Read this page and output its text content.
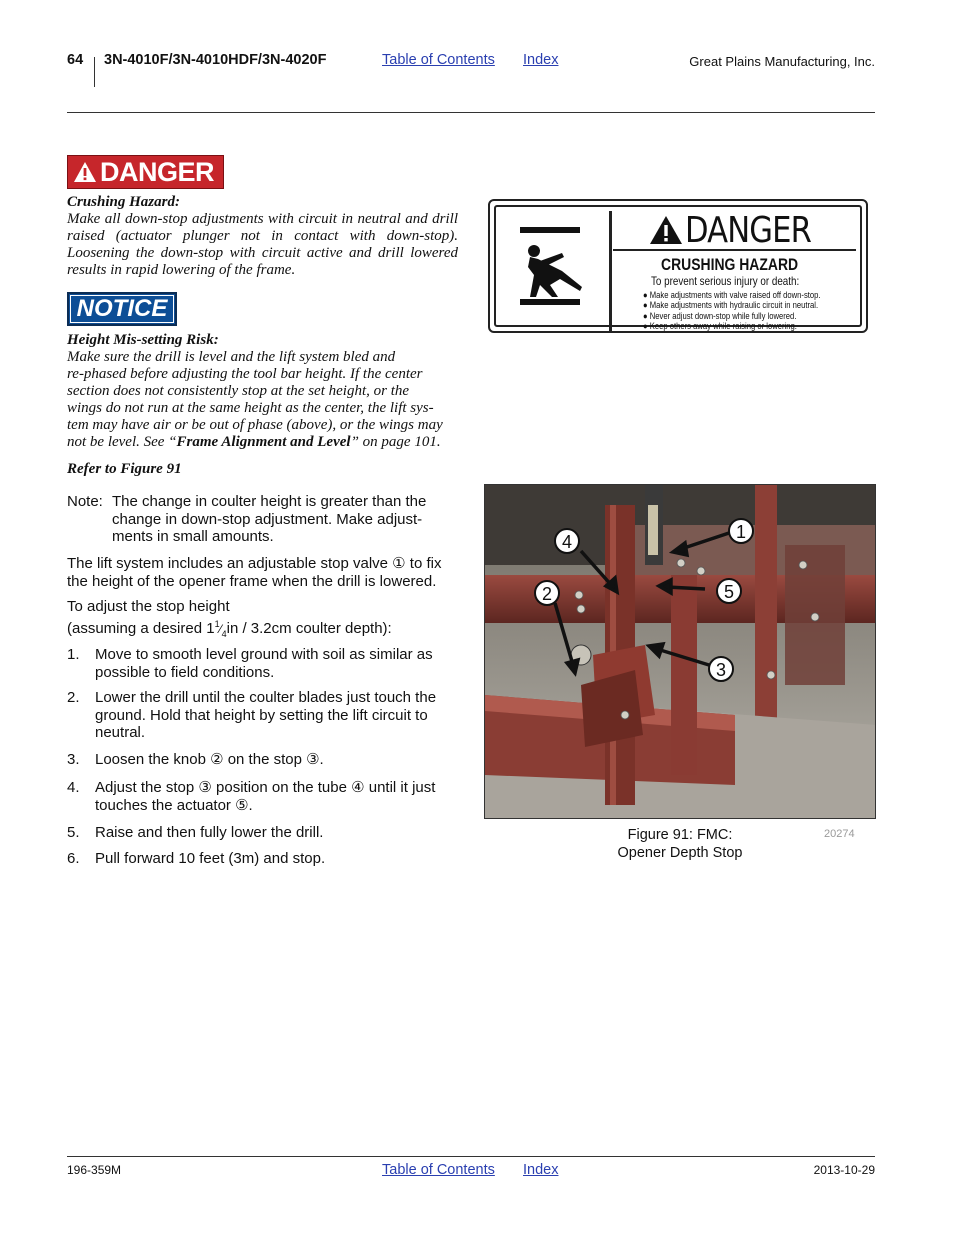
64 3N-4010F/3N-4010HDF/3N-4020F	Table of Contents Index	Great Plains Manufacturing, Inc.
DANGER
Crushing Hazard:
Make all down-stop adjustments with circuit in neutral and drill raised (actuator plunger not in contact with down-stop). Loosening the down-stop with circuit active and drill lowered results in rapid lowering of the frame.
NOTICE
Height Mis-setting Risk:
Make sure the drill is level and the lift system bled and
re-phased before adjusting the tool bar height. If the center
section does not consistently stop at the set height, or the
wings do not run at the same height as the center, the lift sys-
tem may have air or be out of phase (above), or the wings may
not be level. See “Frame Alignment and Level” on page 101.
Refer to Figure 91
Note: The change in coulter height is greater than the change in down-stop adjustment. Make adjust-ments in small amounts.
The lift system includes an adjustable stop valve ① to fix the height of the opener frame when the drill is lowered.
To adjust the stop height
(assuming a desired $1^1⁄_4in / 3.2cm$ coulter depth):
1. Move to smooth level ground with soil as similar as possible to field conditions.
2. Lower the drill until the coulter blades just touch the ground. Hold that height by setting the lift circuit to neutral.
3. Loosen the knob ② on the stop ③.
4. Adjust the stop ③ position on the tube ④ until it just touches the actuator ⑤.
5. Raise and then fully lower the drill.
6. Pull forward 10 feet (3m) and stop.
DANGER
CRUSHING HAZARD
To prevent serious injury or death:
● Make adjustments with valve raised off down-stop.
● Make adjustments with hydraulic circuit in neutral.
● Never adjust down-stop while fully lowered.
● Keep others away while raising or lowering.
1
2
3
4
5
Figure 91: FMC:
Opener Depth Stop
20274
196-359M	Table of Contents Index	2013-10-29
